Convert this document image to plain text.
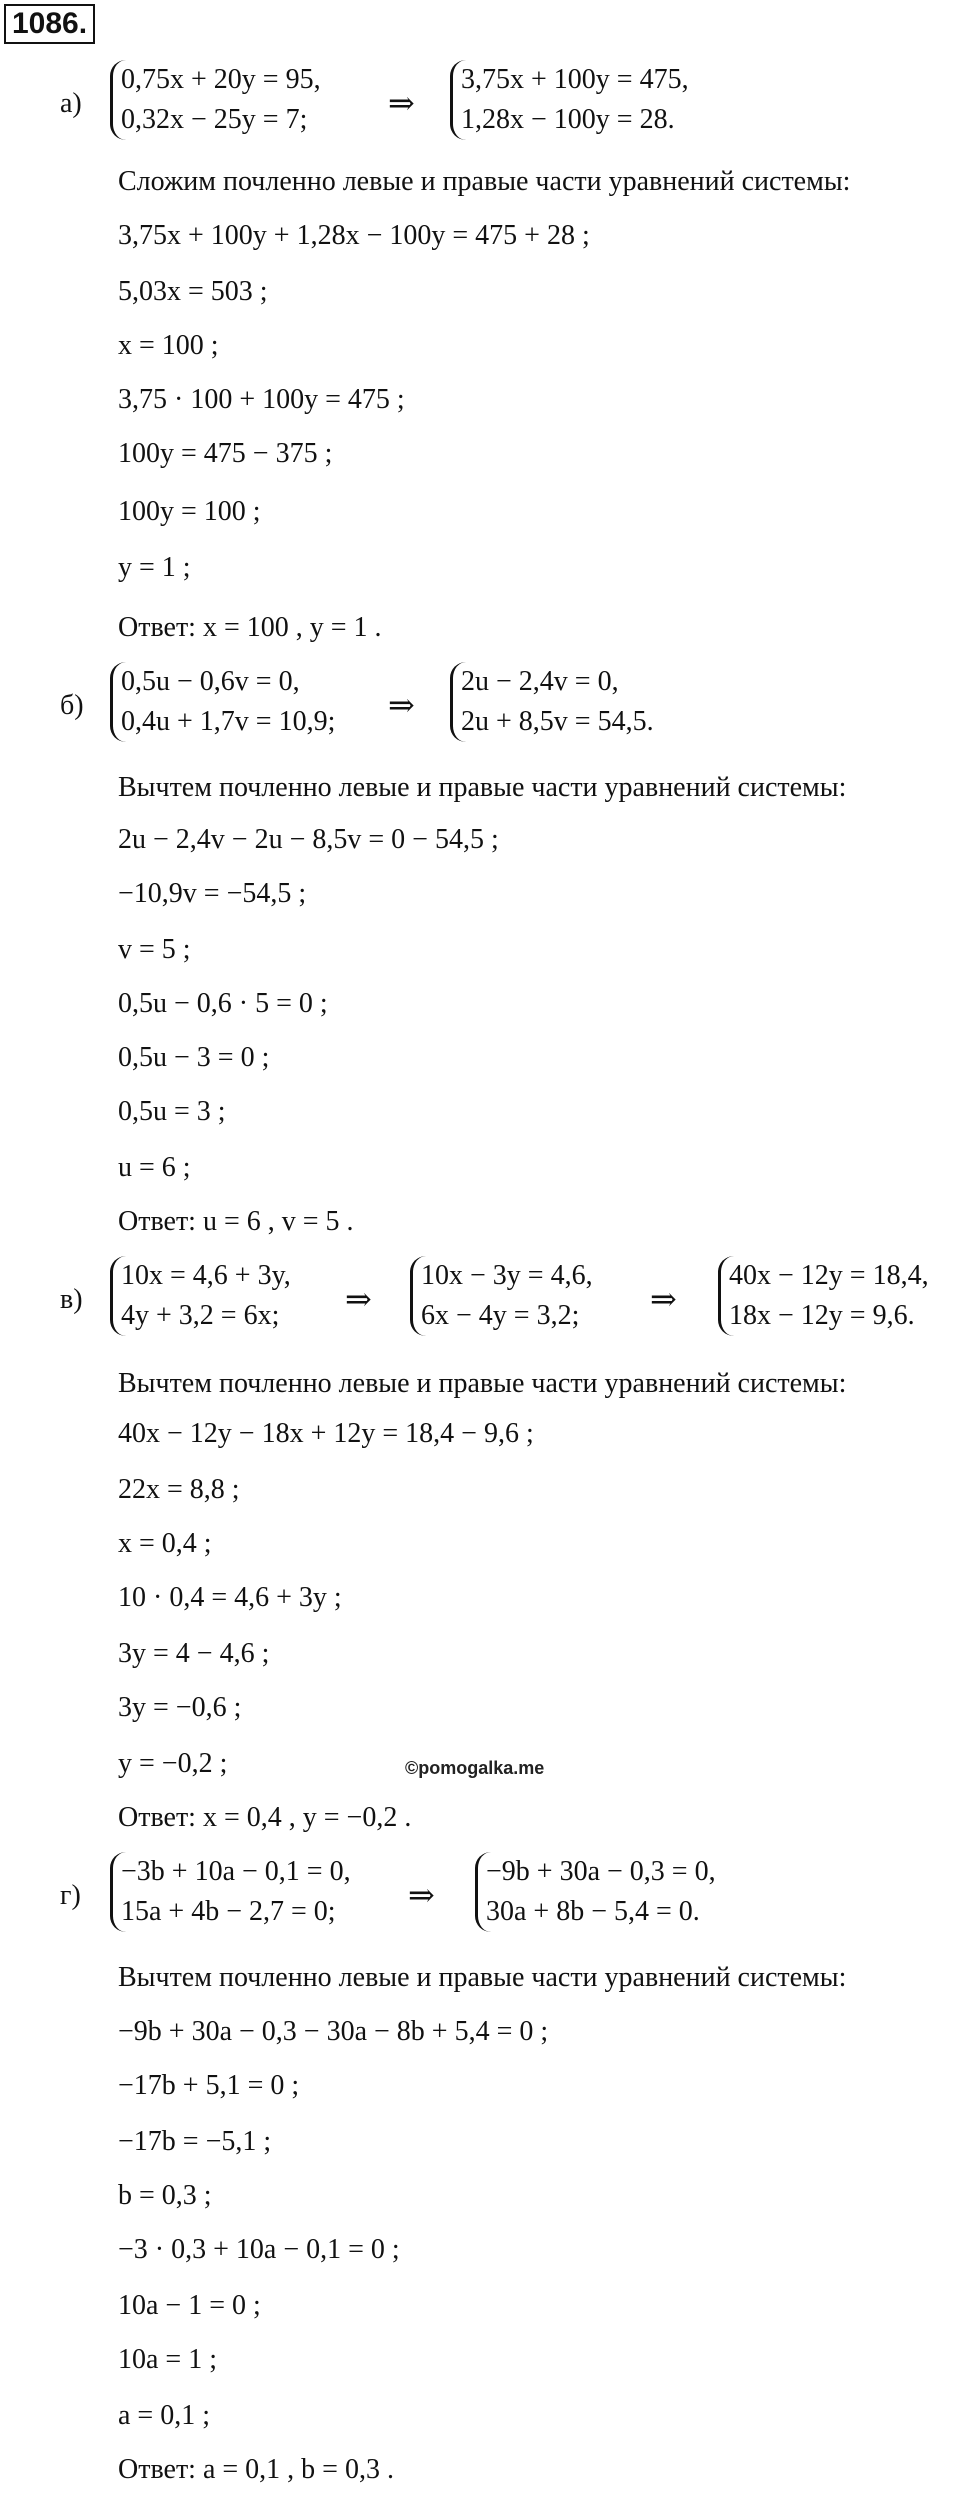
1086.
а)
0,75x + 20y = 95,
0,32x − 25y = 7;	⇒
3,75x + 100y = 475,
1,28x − 100y = 28.
Сложим почленно левые и правые части уравнений системы:
3,75x + 100y + 1,28x − 100y = 475 + 28 ;
5,03x = 503 ;
x = 100 ;
3,75 · 100 + 100y = 475 ;
100y = 475 − 375 ;
100y = 100 ;
y = 1 ;
Ответ: x = 100 , y = 1 .
б)
0,5u − 0,6v = 0,
0,4u + 1,7v = 10,9; ⇒
2u − 2,4v = 0,
2u + 8,5v = 54,5.
Вычтем почленно левые и правые части уравнений системы:
2u − 2,4v − 2u − 8,5v = 0 − 54,5 ;
−10,9v = −54,5 ;
v = 5 ;
0,5u − 0,6 · 5 = 0 ;
0,5u − 3 = 0 ;
0,5u = 3 ;
u = 6 ;
Ответ: u = 6 , v = 5 .
в)
10x = 4,6 + 3y,
4y + 3,2 = 6x;	⇒
10x − 3y = 4,6,
6x − 4y = 3,2;	⇒
40x − 12y = 18,4,
18x − 12y = 9,6.
Вычтем почленно левые и правые части уравнений системы:
40x − 12y − 18x + 12y = 18,4 − 9,6 ;
22x = 8,8 ;
x = 0,4 ;
10 · 0,4 = 4,6 + 3y ;
3y = 4 − 4,6 ;
3y = −0,6 ;
y = −0,2 ;	©pomogalka.me
Ответ: x = 0,4 , y = −0,2 .
г)
−3b + 10a − 0,1 = 0,
15a + 4b − 2,7 = 0;	⇒
−9b + 30a − 0,3 = 0,
30a + 8b − 5,4 = 0.
Вычтем почленно левые и правые части уравнений системы:
−9b + 30a − 0,3 − 30a − 8b + 5,4 = 0 ;
−17b + 5,1 = 0 ;
−17b = −5,1 ;
b = 0,3 ;
−3 · 0,3 + 10a − 0,1 = 0 ;
10a − 1 = 0 ;
10a = 1 ;
a = 0,1 ;
Ответ: a = 0,1 , b = 0,3 .
